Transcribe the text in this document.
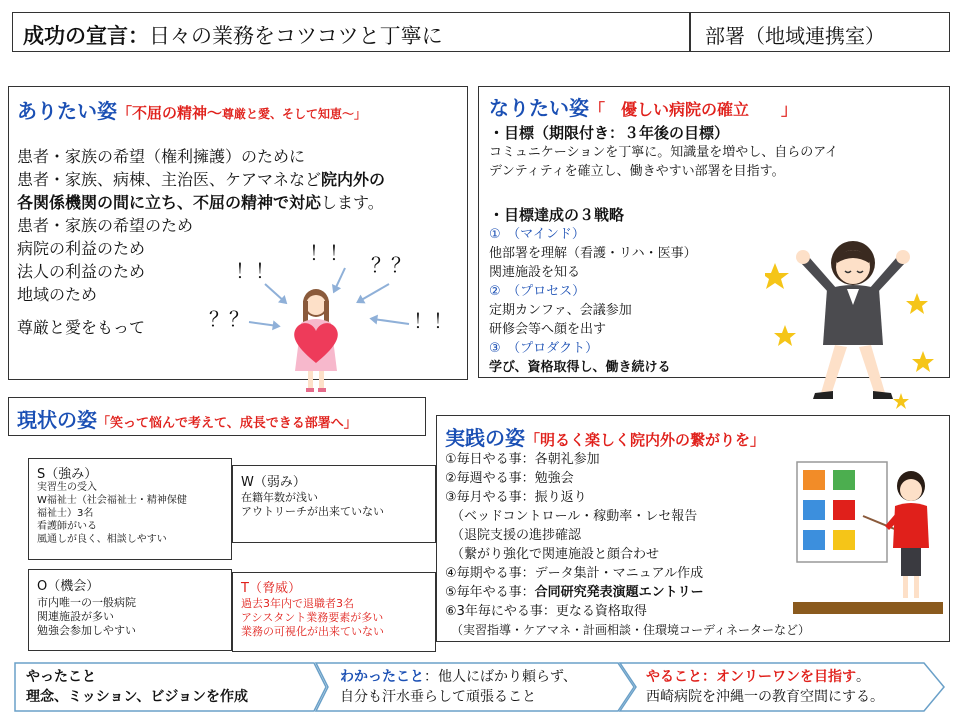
成功の宣言：日々の業務をコツコツと丁寧に	部署（地域連携室）
ありたい姿「不屈の精神～尊厳と愛、そして知恵～」
患者・家族の希望（権利擁護）のために
患者・家族、病棟、主治医、ケアマネなど院内外の
各関係機関の間に立ち、不屈の精神で対応します。
患者・家族の希望のため
病院の利益のため
法人の利益のため
地域のため
尊厳と愛をもって
！！
！！ ？？
？？	！！
なりたい姿「　優しい病院の確立　　」
・目標（期限付き：３年後の目標）
コミュニケーションを丁寧に。知識量を増やし、自らのアイ
デンティティを確立し、働きやすい部署を目指す。
・目標達成の３戦略
①　（マインド）
他部署を理解（看護・リハ・医事）
関連施設を知る
②　（プロセス）
定期カンファ、会議参加
研修会等へ顔を出す
③　（プロダクト）
学び、資格取得し、働き続ける
現状の姿「笑って悩んで考えて、成長できる部署へ」
S（強み）
実習生の受入
W福祉士（社会福祉士・精神保健
福祉士）3名
看護師がいる
風通しが良く、相談しやすい
W（弱み）
在籍年数が浅い
アウトリーチが出来ていない
O（機会）
市内唯一の一般病院
関連施設が多い
勉強会参加しやすい
T（脅威）
過去3年内で退職者3名
アシスタント業務要素が多い
業務の可視化が出来ていない
実践の姿「明るく楽しく院内外の繋がりを」
①毎日やる事：各朝礼参加
②毎週やる事：勉強会
③毎月やる事：振り返り
（ベッドコントロール・稼動率・レセ報告
（退院支援の進捗確認
（繋がり強化で関連施設と顔合わせ
④毎期やる事：データ集計・マニュアル作成
⑤毎年やる事：合同研究発表演題エントリー
⑥3年毎にやる事：更なる資格取得
（実習指導・ケアマネ・計画相談・住環境コーディネーターなど）
やったこと
理念、ミッション、ビジョンを作成
わかったこと：他人にばかり頼らず、
自分も汗水垂らして頑張ること
やること：オンリーワンを目指す。
西崎病院を沖縄一の教育空間にする。
